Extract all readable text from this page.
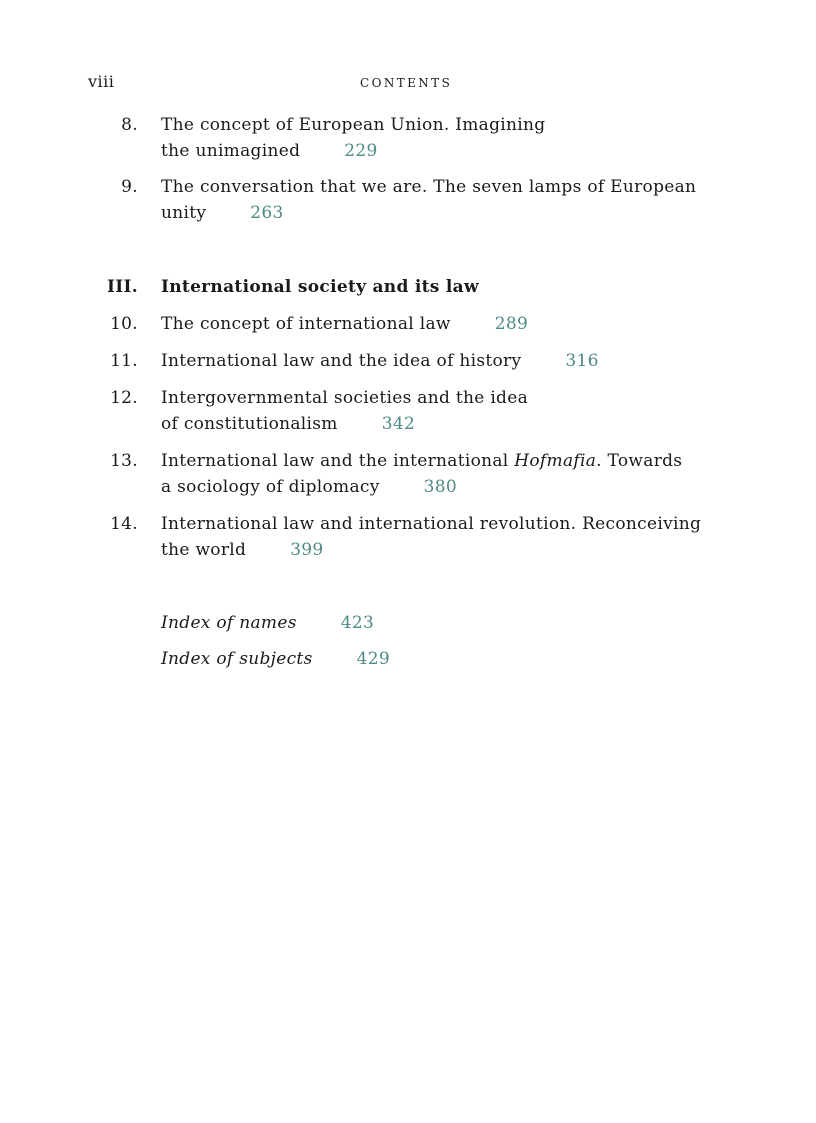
viii	CONTENTS
8. The concept of European Union. Imagining
the unimagined	229
9. The conversation that we are. The seven lamps of European
unity	263
III. International society and its law
10. The concept of international law	289
11. International law and the idea of history	316
12. Intergovernmental societies and the idea
of constitutionalism	342
13. International law and the international Hofmafia. Towards
a sociology of diplomacy	380
14. International law and international revolution. Reconceiving
the world	399
Index of names	423
Index of subjects	429
